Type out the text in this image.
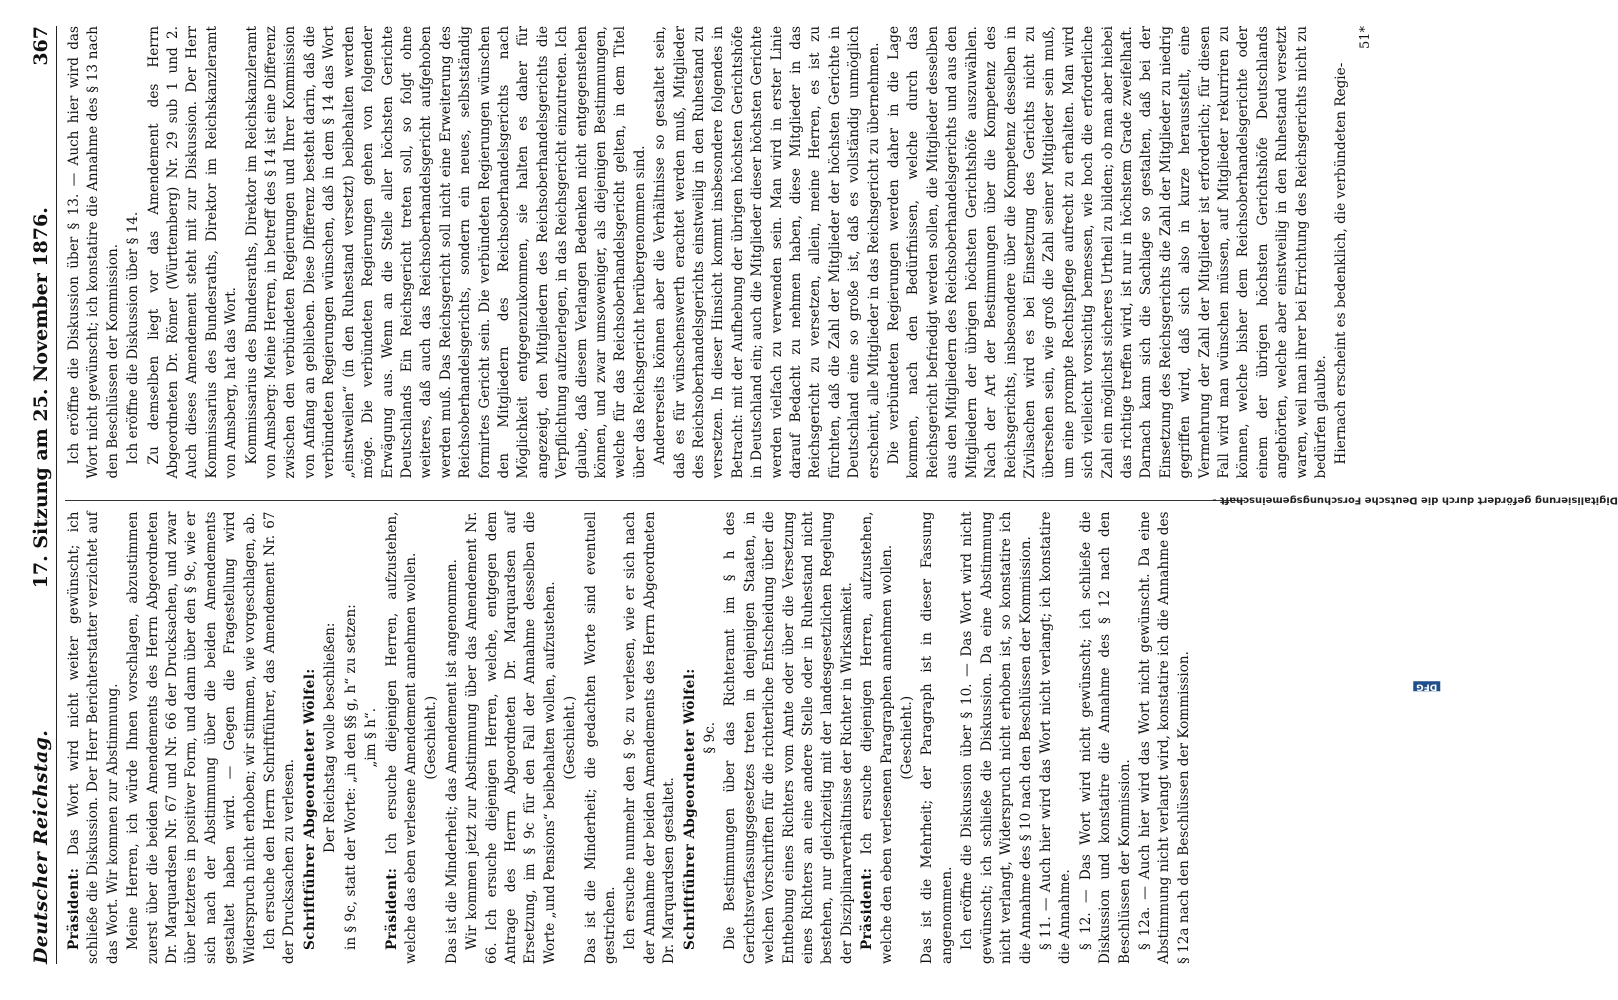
Deutscher Reichstag.
17. Sitzung am 25. November 1876.
367

Präsident: Das Wort wird nicht weiter gewünscht; ich schließe die Diskussion. Der Herr Berichterstatter verzichtet auf das Wort. Wir kommen zur Abstimmung. Meine Herren, ich würde Ihnen vorschlagen, abzustimmen zuerst über die beiden Amendements des Herrn Abgeordneten Dr. Marquardsen Nr. 67 und Nr. 66 der Drucksachen, und zwar über letzteres in positiver Form, und dann über den § 9c, wie er sich nach der Abstimmung über die beiden Amendements gestaltet haben wird. — Gegen die Fragestellung wird Widerspruch nicht erhoben; wir stimmen, wie vorgeschlagen, ab. Ich ersuche den Herrn Schriftführer, das Amendement Nr. 67 der Drucksachen zu verlesen. Schriftführer Abgeordneter Wölfel: Der Reichstag wolle beschließen: in § 9c, statt der Worte: „in den §§ g, h“ zu setzen: „im § h“.

Präsident: Ich ersuche diejenigen Herren, aufzustehen, welche das eben verlesene Amendement annehmen wollen. (Geschieht.) Das ist die Minderheit; das Amendement ist angenommen. Wir kommen jetzt zur Abstimmung über das Amendement Nr. 66. Ich ersuche diejenigen Herren, welche, entgegen dem Antrage des Herrn Abgeordneten Dr. Marquardsen auf Ersetzung, im § 9c für den Fall der Annahme desselben die Worte „und Pensions“ beibehalten wollen, aufzustehen. (Geschieht.) Das ist die Minderheit; die gedachten Worte sind eventuell gestrichen. Ich ersuche nunmehr den § 9c zu verlesen, wie er sich nach der Annahme der beiden Amendements des Herrn Abgeordneten Dr. Marquardsen gestaltet. Schriftführer Abgeordneter Wölfel: § 9c. Die Bestimmungen über das Richteramt im § h des Gerichtsverfassungsgesetzes treten in denjenigen Staaten, in welchen Vorschriften für die richterliche Entscheidung über die Enthebung eines Richters vom Amte oder über die Versetzung eines Richters an eine andere Stelle oder in Ruhestand nicht bestehen, nur gleichzeitig mit der landesgesetzlichen Regelung der Disziplinarverhältnisse der Richter in Wirksamkeit. Präsident: Ich ersuche diejenigen Herren, aufzustehen, welche den eben verlesenen Paragraphen annehmen wollen. (Geschieht.) Das ist die Mehrheit; der Paragraph ist in dieser Fassung angenommen. Ich eröffne die Diskussion über § 10. — Das Wort wird nicht gewünscht; ich schließe die Diskussion. Da eine Abstimmung nicht verlangt, Widerspruch nicht erhoben ist, so konstatire ich die Annahme des § 10 nach den Beschlüssen der Kommission. § 11. — Auch hier wird das Wort nicht verlangt; ich konstatire die Annahme. § 12. — Das Wort wird nicht gewünscht; ich schließe die Diskussion und konstatire die Annahme des § 12 nach den Beschlüssen der Kommission. § 12a. — Auch hier wird das Wort nicht gewünscht. Da eine Abstimmung nicht verlangt wird, konstatire ich die Annahme des § 12a nach den Beschlüssen der Kommission.

Ich eröffne die Diskussion über § 13. — Auch hier wird das Wort nicht gewünscht; ich konstatire die Annahme des § 13 nach den Beschlüssen der Kommission. Ich eröffne die Diskussion über § 14. Zu demselben liegt vor das Amendement des Herrn Abgeordneten Dr. Römer (Württemberg) Nr. 29 sub 1 und 2. Auch dieses Amendement steht mit zur Diskussion. Der Herr Kommissarius des Bundesraths, Direktor im Reichskanzleramt von Amsberg, hat das Wort. Kommissarius des Bundesraths, Direktor im Reichskanzleramt von Amsberg: Meine Herren, in betreff des § 14 ist eine Differenz zwischen den verbündeten Regierungen und Ihrer Kommission von Anfang an geblieben. Diese Differenz besteht darin, daß die verbündeten Regierungen wünschen, daß in dem § 14 das Wort „einstweilen“ (in den Ruhestand versetzt) beibehalten werden möge. Die verbündeten Regierungen gehen von folgender Erwägung aus. Wenn an die Stelle aller höchsten Gerichte Deutschlands Ein Reichsgericht treten soll, so folgt ohne weiteres, daß auch das Reichsoberhandelsgericht aufgehoben werden muß. Das Reichsgericht soll nicht eine Erweiterung des Reichsoberhandelsgerichts, sondern ein neues, selbstständig formirtes Gericht sein. Die verbündeten Regierungen wünschen den Mitgliedern des Reichsoberhandelsgerichts nach Möglichkeit entgegenzukommen, sie halten es daher für angezeigt, den Mitgliedern des Reichsoberhandelsgerichts die Verpflichtung aufzuerlegen, in das Reichsgericht einzutreten. Ich glaube, daß diesem Verlangen Bedenken nicht entgegenstehen können, und zwar umsoweniger, als diejenigen Bestimmungen, welche für das Reichsoberhandelsgericht gelten, in dem Titel über das Reichsgericht herübergenommen sind. Andererseits können aber die Verhältnisse so gestaltet sein, daß es für wünschenswerth erachtet werden muß, Mitglieder des Reichsoberhandelsgerichts einstweilig in den Ruhestand zu versetzen. In dieser Hinsicht kommt insbesondere folgendes in Betracht: mit der Aufhebung der übrigen höchsten Gerichtshöfe in Deutschland ein; auch die Mitglieder dieser höchsten Gerichte werden vielfach zu verwenden sein. Man wird in erster Linie darauf Bedacht zu nehmen haben, diese Mitglieder in das Reichsgericht zu versetzen, allein, meine Herren, es ist zu fürchten, daß die Zahl der Mitglieder der höchsten Gerichte in Deutschland eine so große ist, daß es vollständig unmöglich erscheint, alle Mitglieder in das Reichsgericht zu übernehmen. Die verbündeten Regierungen werden daher in die Lage kommen, nach den Bedürfnissen, welche durch das Reichsgericht befriedigt werden sollen, die Mitglieder desselben aus den Mitgliedern des Reichsoberhandelsgerichts und aus den Mitgliedern der übrigen höchsten Gerichtshöfe auszuwählen. Nach der Art der Bestimmungen über die Kompetenz des Reichsgerichts, insbesondere über die Kompetenz desselben in Zivilsachen wird es bei Einsetzung des Gerichts nicht zu übersehen sein, wie groß die Zahl seiner Mitglieder sein muß, um eine prompte Rechtspflege aufrecht zu erhalten. Man wird sich vielleicht vorsichtig bemessen, wie hoch die erforderliche Zahl ein möglichst sicheres Urtheil zu bilden; ob man aber hiebei das richtige treffen wird, ist nur in höchstem Grade zweifelhaft. Darnach kann sich die Sachlage so gestalten, daß bei der Einsetzung des Reichsgerichts die Zahl der Mitglieder zu niedrig gegriffen wird, daß sich also in kurze herausstellt, eine Vermehrung der Zahl der Mitglieder ist erforderlich; für diesen Fall wird man wünschen müssen, auf Mitglieder rekurriren zu können, welche bisher dem Reichsoberhandelsgerichte oder einem der übrigen höchsten Gerichtshöfe Deutschlands angehörten, welche aber einstweilig in den Ruhestand versetzt waren, weil man ihrer bei Errichtung des Reichsgerichts nicht zu bedürfen glaubte. Hiernach erscheint es bedenklich, die verbündeten Regie-

51*
Digitalisierung gefördert durch die Deutsche Forschungsgemeinschaft -
DFG
